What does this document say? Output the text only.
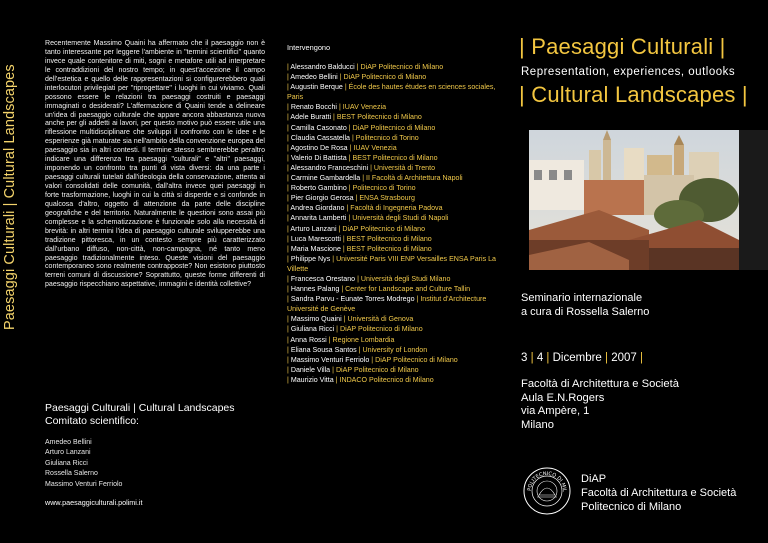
Paesaggi Culturali | Cultural Landscapes
Recentemente Massimo Quaini ha affermato che il paesaggio non è tanto interessante per leggere l'ambiente in "termini scientifici" quanto invece quale contenitore di miti, sogni e metafore utili ad interpretare le contraddizioni del nostro tempo; in quest'accezione il campo dell'estetica e quello delle rappresentazioni si configurerebbero quali interlocutori privilegiati per "riprogettare" i luoghi in cui viviamo. Quali possono essere le relazioni tra paesaggi costruiti e paesaggi immaginati o desiderati? L'affermazione di Quaini tende a delineare un'idea di paesaggio culturale che appare ancora abbastanza nuova anche per gli addetti ai lavori, per questo motivo può essere utile una riflessione multidisciplinare che sviluppi il confronto con le idee e le esperienze già maturate sia nell'ambito della convenzione europea del paesaggio sia in altri contesti. Il termine stesso sembrerebbe peraltro indicare una differenza tra paesaggi "culturali" e "altri" paesaggi, imponendo un confronto tra punti di vista diversi: da una parte i paesaggi culturali tutelati dall'ideologia della conservazione, attenta ai valori consolidati delle comunità, dall'altra invece quei paesaggi in forte trasformazione, luoghi in cui la città si disperde e si confonde in qualcosa d'altro, oggetto di attenzione da parte delle discipline geografiche e del territorio. Naturalmente le questioni sono assai più complesse e la schematizzazione è funzionale solo alla necessità di brevità: in altri termini l'idea di paesaggio culturale svilupperebbe una tradizione pittoresca, in un contesto sempre più caratterizzato dall'urbano diffuso, non-città, non-campagna, né tanto meno paesaggio tradizionalmente inteso. Queste visioni del paesaggio contemporaneo sono realmente contrapposte? Non esistono piuttosto terreni comuni di discussione? Soprattutto, queste forme differenti di paesaggio rispecchiano aspettative, immagini e identità collettive?
Paesaggi Culturali | Cultural Landscapes
Comitato scientifico:
Amedeo Bellini
Arturo Lanzani
Giuliana Ricci
Rossella Salerno
Massimo Venturi Ferriolo
www.paesaggiculturali.polimi.it
Intervengono
| Alessandro Balducci | DiAP Politecnico di Milano
| Amedeo Bellini | DiAP Politecnico di Milano
| Augustin Berque | École des hautes études en sciences sociales, Paris
| Renato Bocchi | IUAV Venezia
| Adele Buratti | BEST Politecnico di Milano
| Camilla Casonato | DiAP Politecnico di Milano
| Claudia Cassatella | Politecnico di Torino
| Agostino De Rosa | IUAV Venezia
| Valerio Di Battista | BEST Politecnico di Milano
| Alessandro Franceschini | Università di Trento
| Carmine Gambardella | II Facoltà di Architettura Napoli
| Roberto Gambino | Politecnico di Torino
| Pier Giorgio Gerosa | ENSA Strasbourg
| Andrea Giordano | Facoltà di Ingegneria Padova
| Annarita Lamberti | Università degli Studi di Napoli
| Arturo Lanzani | DiAP Politecnico di Milano
| Luca Marescotti | BEST Politecnico di Milano
| Maria Mascione | BEST Politecnico di Milano
| Philippe Nys | Université Paris VIII ENP Versailles ENSA Paris La Villette
| Francesca Orestano | Università degli Studi Milano
| Hannes Palang | Center for Landscape and Culture Tallin
| Sandra Parvu - Eunate Torres Modrego | Institut d'Architecture Université de Genève
| Massimo Quaini | Università di Genova
| Giuliana Ricci | DiAP Politecnico di Milano
| Anna Rossi | Regione Lombardia
| Eliana Sousa Santos | University of London
| Massimo Venturi Ferriolo | DiAP Politecnico di Milano
| Daniele Villa | DiAP Politecnico di Milano
| Maurizio Vitta | INDACO Politecnico di Milano
| Paesaggi Culturali |
Representation, experiences, outlooks
| Cultural Landscapes |
Seminario internazionale
a cura di Rossella Salerno
3 | 4 | Dicembre | 2007 |
Facoltà di Architettura e Società
Aula E.N.Rogers
via Ampère, 1
Milano
POLITECNICO DI MIL
DiAP
Facoltà di Architettura e Società
Politecnico di Milano
